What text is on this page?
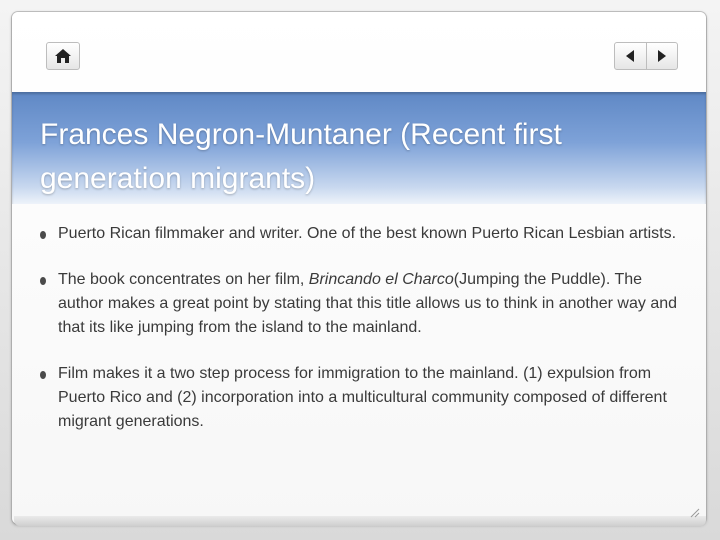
Frances Negron-Muntaner (Recent first generation migrants)
Puerto Rican filmmaker and writer. One of the best known Puerto Rican Lesbian artists.
The book concentrates on her film, Brincando el Charco(Jumping the Puddle). The author makes a great point by stating that this title allows us to think in another way and that its like jumping from the island to the mainland.
Film makes it a two step process for immigration to the mainland. (1) expulsion from Puerto Rico and (2) incorporation into a multicultural community composed of different migrant generations.
